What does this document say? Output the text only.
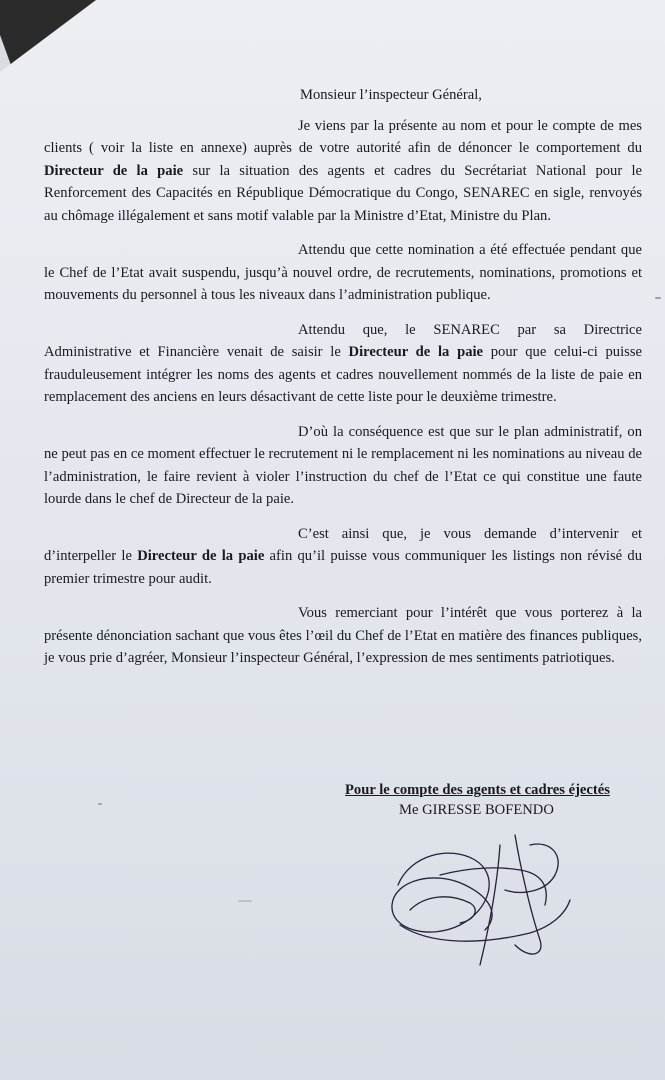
Monsieur l’inspecteur Général,

Je viens par la présente au nom et pour le compte de mes clients ( voir la liste en annexe) auprès de votre autorité afin de dénoncer le comportement du Directeur de la paie sur la situation des agents et cadres du Secrétariat National pour le Renforcement des Capacités en République Démocratique du Congo, SENAREC en sigle, renvoyés au chômage illégalement et sans motif valable par la Ministre d’Etat, Ministre du Plan.

Attendu que cette nomination a été effectuée pendant que le Chef de l’Etat avait suspendu, jusqu’à nouvel ordre, de recrutements, nominations, promotions et mouvements du personnel à tous les niveaux dans l’administration publique.

Attendu que, le SENAREC par sa Directrice Administrative et Financière venait de saisir le Directeur de la paie pour que celui-ci puisse frauduleusement intégrer les noms des agents et cadres nouvellement nommés de la liste de paie en remplacement des anciens en leurs désactivant de cette liste pour le deuxième trimestre.

D’où la conséquence est que sur le plan administratif, on ne peut pas en ce moment effectuer le recrutement ni le remplacement ni les nominations au niveau de l’administration, le faire revient à violer l’instruction du chef de l’Etat ce qui constitue une faute lourde dans le chef de Directeur de la paie.

C’est ainsi que, je vous demande d’intervenir et d’interpeller le Directeur de la paie afin qu’il puisse vous communiquer les listings non révisé du premier trimestre pour audit.

Vous remerciant pour l’intérêt que vous porterez à la présente dénonciation sachant que vous êtes l’œil du Chef de l’Etat en matière des finances publiques, je vous prie d’agréer, Monsieur l’inspecteur Général, l’expression de mes sentiments patriotiques.

Pour le compte des agents et cadres éjectés
Me GIRESSE BOFENDO
